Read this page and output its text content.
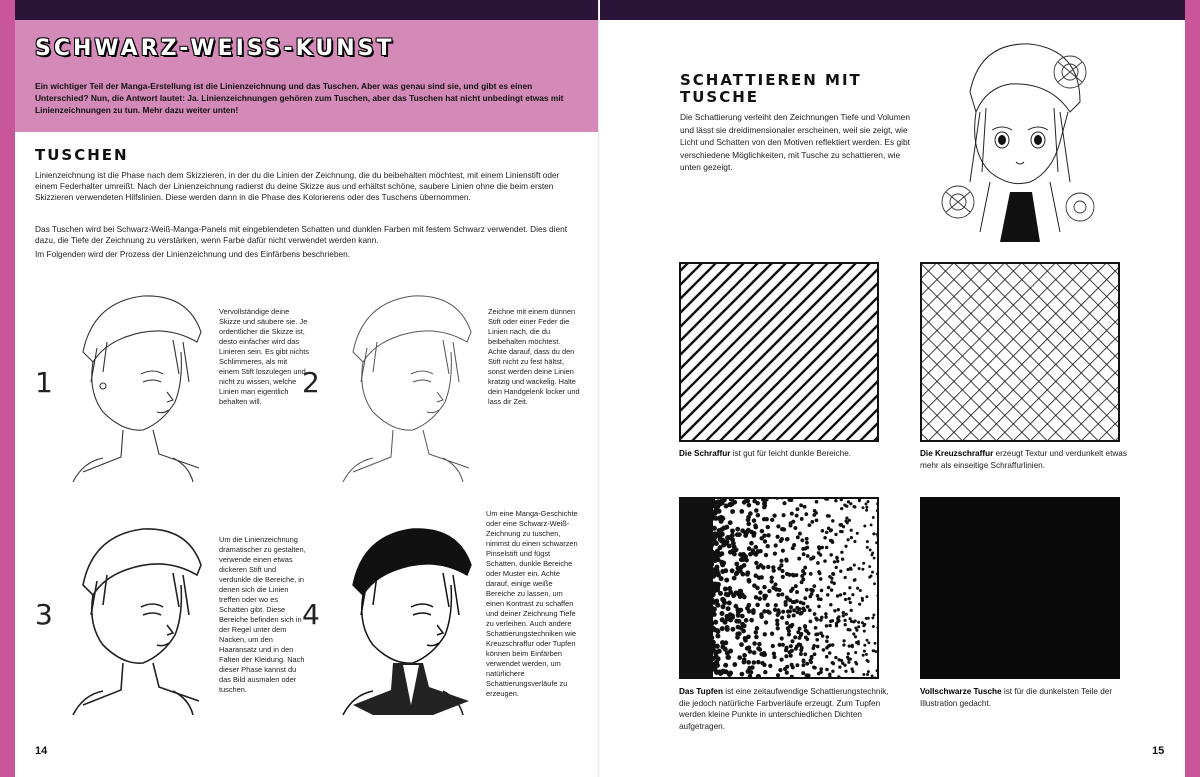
SCHWARZ-WEISS-KUNST

Ein wichtiger Teil der Manga-Erstellung ist die Linienzeichnung und das Tuschen. Aber was genau sind sie, und gibt es einen Unterschied? Nun, die Antwort lautet: Ja. Linienzeichnungen gehören zum Tuschen, aber das Tuschen hat nicht unbedingt etwas mit Linienzeichnungen zu tun. Mehr dazu weiter unten!

TUSCHEN

Linienzeichnung ist die Phase nach dem Skizzieren, in der du die Linien der Zeichnung, die du beibehalten möchtest, mit einem Linienstift oder einem Federhalter umreißt. Nach der Linienzeichnung radierst du deine Skizze aus und erhältst schöne, saubere Linien ohne die beim ersten Skizzieren verwendeten Hilfslinien. Diese werden dann in die Phase des Kolorierens oder des Tuschens übernommen.

Das Tuschen wird bei Schwarz-Weiß-Manga-Panels mit eingeblendeten Schatten und dunklen Farben mit festem Schwarz verwendet. Dies dient dazu, die Tiefe der Zeichnung zu verstärken, wenn Farbe dafür nicht verwendet werden kann.

Im Folgenden wird der Prozess der Linienzeichnung und des Einfärbens beschrieben.

1

Vervollständige deine Skizze und säubere sie. Je ordentlicher die Skizze ist, desto einfacher wird das Linieren sein. Es gibt nichts Schlimmeres, als mit einem Stift loszulegen und nicht zu wissen, welche Linien man eigentlich behalten will.

2

Zeichne mit einem dünnen Stift oder einer Feder die Linien nach, die du beibehalten möchtest. Achte darauf, dass du den Stift nicht zu fest hältst, sonst werden deine Linien kratzig und wackelig. Halte dein Handgelenk locker und lass dir Zeit.

3

Um die Linienzeichnung dramatischer zu gestalten, verwende einen etwas dickeren Stift und verdunkle die Bereiche, in denen sich die Linien treffen oder wo es Schatten gibt. Diese Bereiche befinden sich in der Regel unter dem Nacken, um den Haaransatz und in den Falten der Kleidung. Nach dieser Phase kannst du das Bild ausmalen oder tuschen.

4

Um eine Manga-Geschichte oder eine Schwarz-Weiß-Zeichnung zu tuschen, nimmst du einen schwarzen Pinselstift und fügst Schatten, dunkle Bereiche oder Muster ein. Achte darauf, einige weiße Bereiche zu lassen, um einen Kontrast zu schaffen und deiner Zeichnung Tiefe zu verleihen. Auch andere Schattierungstechniken wie Kreuzschraffur oder Tupfen können beim Einfärben verwendet werden, um natürlichere Schattierungsverläufe zu erzeugen.

14
SCHATTIEREN MIT TUSCHE

Die Schattierung verleiht den Zeichnungen Tiefe und Volumen und lässt sie dreidimensionaler erscheinen, weil sie zeigt, wie Licht und Schatten von den Motiven reflektiert werden. Es gibt verschiedene Möglichkeiten, mit Tusche zu schattieren, wie unten gezeigt.

Die Schraffur ist gut für leicht dunkle Bereiche.	Die Kreuzschraffur erzeugt Textur und verdunkelt etwas mehr als einseitige Schraffurlinien.

Das Tupfen ist eine zeitaufwendige Schattierungstechnik, die jedoch natürliche Farbverläufe erzeugt. Zum Tupfen werden kleine Punkte in unterschiedlichen Dichten aufgetragen.

Vollschwarze Tusche ist für die dunkelsten Teile der Illustration gedacht.

15
